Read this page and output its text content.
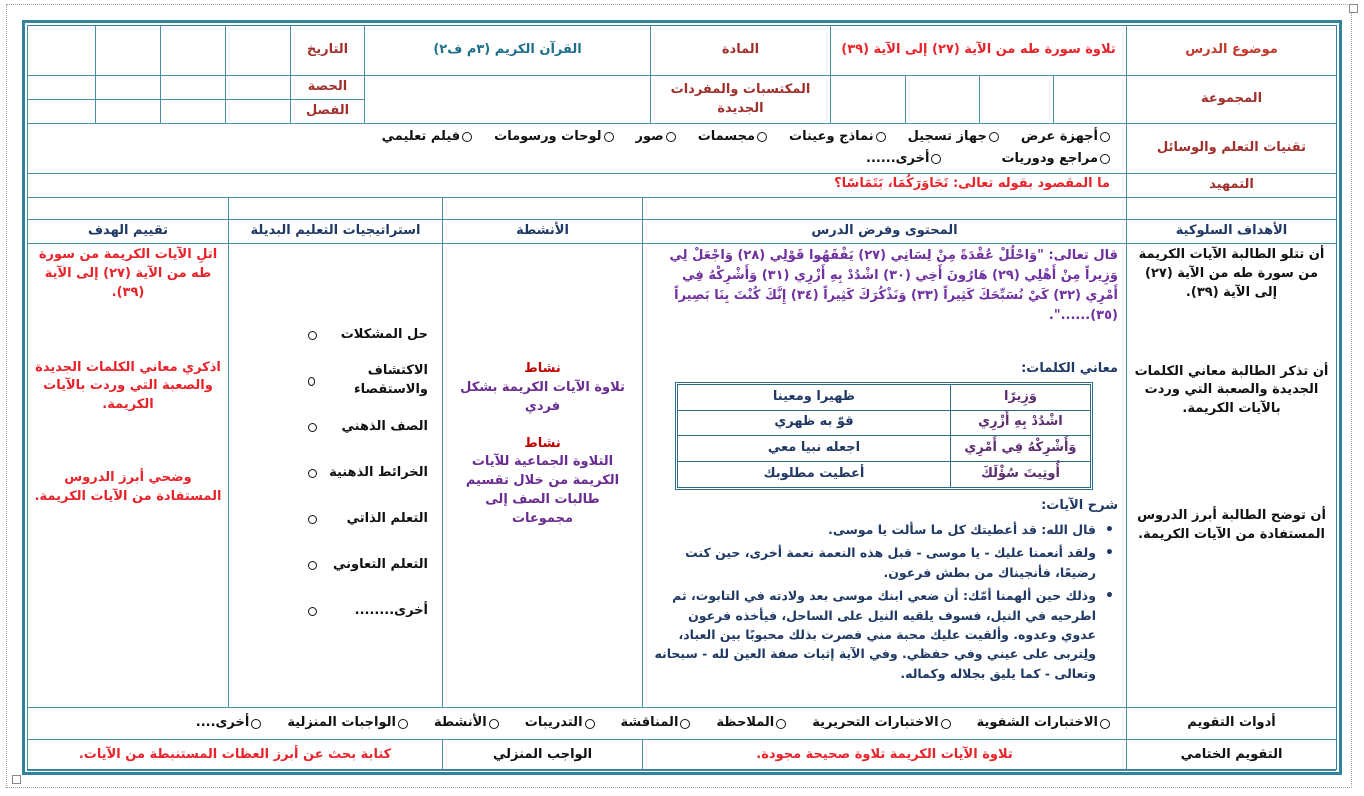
موضوع الدرس
تلاوة سورة طه من الآية (٢٧) إلى الآية (٣٩)
المادة
القرآن الكريم (٣م ف٢)
التاريخ
المجموعة
المكتسبات والمفردات الجديدة
الحصة
الفصل
تقنيات التعلم والوسائل
أجهزة عرض
جهاز تسجيل
نماذج وعينات
مجسمات
صور
لوحات ورسومات
فيلم تعليمي
مراجع ودوريات
أخرى......
التمهيد
ما المقصود بقوله تعالى: تَحَاوَرَكُمَا، بَتَمَاسًا؟
الأهداف السلوكية
المحتوى وفرض الدرس
الأنشطة
استراتيجيات التعليم البديلة
تقييم الهدف
أن تتلو الطالبة الآيات الكريمة من سورة طه من الآية (٢٧) إلى الآية (٣٩).
أن تذكر الطالبة معاني الكلمات الجديدة والصعبة التي وردت بالآيات الكريمة.
أن توضح الطالبة أبرز الدروس المستفادة من الآيات الكريمة.
قال تعالى: "وَاحْلُلْ عُقْدَةً مِنْ لِسَانِي (٢٧) يَفْقَهُوا قَوْلِي (٢٨) وَاجْعَلْ لِي وَزِيراً مِنْ أَهْلِي (٢٩) هَارُونَ أَخِي (٣٠) اشْدُدْ بِهِ أَزْرِي (٣١) وَأَشْرِكْهُ فِي أَمْرِي (٣٢) كَيْ نُسَبِّحَكَ كَثِيراً (٣٣) وَنَذْكُرَكَ كَثِيراً (٣٤) إِنَّكَ كُنْتَ بِنَا بَصِيراً (٣٥)......".
معاني الكلمات:
وَزِيرًا
ظهيرا ومعينا
اشْدُدْ بِهِ أَزْرِي
قوّ به ظهري
وَأَشْرِكْهُ فِي أَمْرِي
اجعله نبيا معي
أُوتِيتَ سُؤْلَكَ
أعطيت مطلوبك
شرح الآيات:
• قال الله: قد أعطيتك كل ما سألت يا موسى.
• ولقد أنعمنا عليك - يا موسى - قبل هذه النعمة نعمة أخرى، حين كنت رضيعًا، فأنجيناك من بطش فرعون.
• وذلك حين ألهمنا أمّك: أن ضعي ابنك موسى بعد ولادته في التابوت، ثم اطرحيه في النيل، فسوف يلقيه النيل على الساحل، فيأخذه فرعون عدوي وعدوه. وألقيت عليك محبة مني فصرت بذلك محبوبًا بين العباد، ولِتربى على عيني وفي حفظي. وفي الآية إثبات صفة العين لله - سبحانه وتعالى - كما يليق بجلاله وكماله.
نشاط
تلاوة الآيات الكريمة بشكل فردي
نشاط
التلاوة الجماعية للآيات الكريمة من خلال تقسيم طالبات الصف إلى مجموعات
حل المشكلات
الاكتشاف والاستقصاء
الصف الذهني
الخرائط الذهنية
التعلم الذاتي
التعلم التعاوني
أخرى........
اتلِ الآيات الكريمة من سورة طه من الآية (٢٧) إلى الآية (٣٩).
اذكري معاني الكلمات الجديدة والصعبة التي وردت بالآيات الكريمة.
وضحي أبرز الدروس المستفادة من الآيات الكريمة.
أدوات التقويم
الاختبارات الشفوية
الاختبارات التحريرية
الملاحظة
المناقشة
التدريبات
الأنشطة
الواجبات المنزلية
أخرى....
التقويم الختامي
تلاوة الآيات الكريمة تلاوة صحيحة مجودة.
الواجب المنزلي
كتابة بحث عن أبرز العظات المستنبطة من الآيات.
